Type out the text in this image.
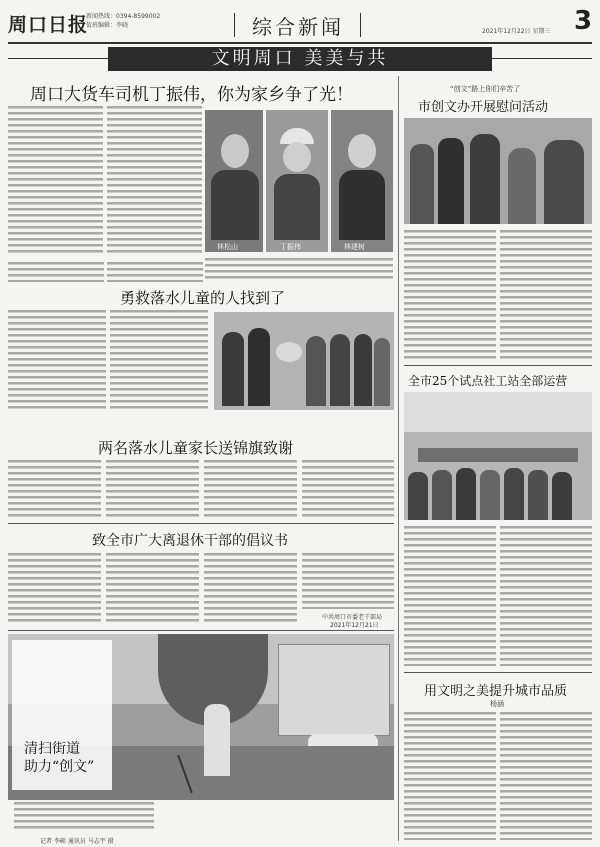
周口日报
新闻热线：0394-8599002
值班编辑：李晓	综合新闻	2021年12月22日 星期三 3
文明周口 美美与共
周口大货车司机丁振伟，你为家乡争了光！
林松山	丁振伟	林建树
勇救落水儿童的人找到了
两名落水儿童家长送锦旗致谢
致全市广大离退休干部的倡议书
中共周口市委老干部局
2021年12月21日
清扫街道
助力“创文”
记者 李硕 通讯员 马志宇 摄
“创文”路上你们辛苦了
市创文办开展慰问活动
全市25个试点社工站全部运营
用文明之美提升城市品质
杨涵
